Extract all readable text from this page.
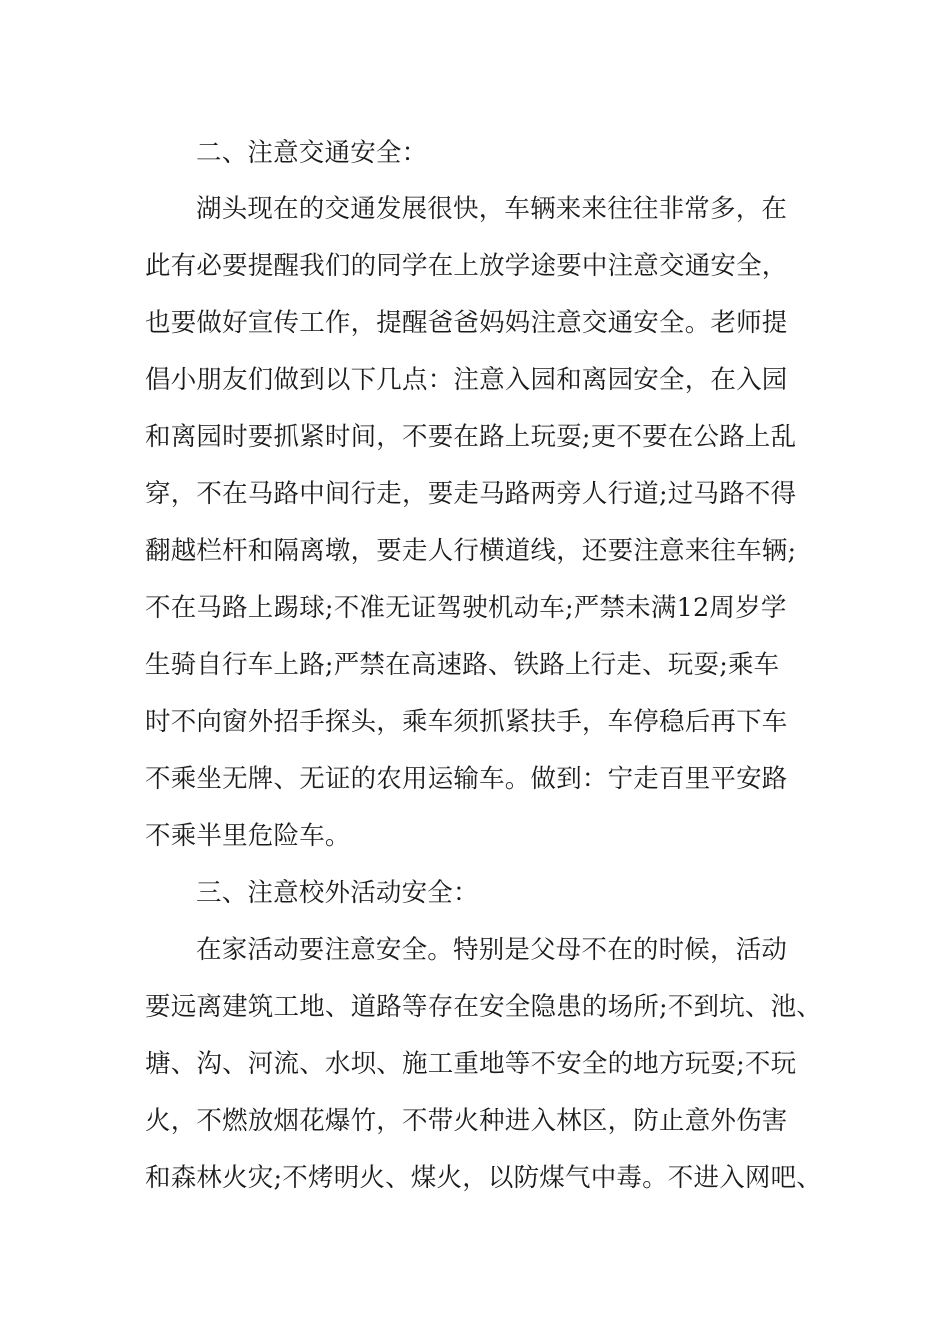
二、注意交通安全：
湖头现在的交通发展很快，车辆来来往往非常多，在
此有必要提醒我们的同学在上放学途要中注意交通安全，
也要做好宣传工作，提醒爸爸妈妈注意交通安全。老师提
倡小朋友们做到以下几点：注意入园和离园安全，在入园
和离园时要抓紧时间，不要在路上玩耍;更不要在公路上乱
穿，不在马路中间行走，要走马路两旁人行道;过马路不得
翻越栏杆和隔离墩，要走人行横道线，还要注意来往车辆;
不在马路上踢球;不准无证驾驶机动车;严禁未满12周岁学
生骑自行车上路;严禁在高速路、铁路上行走、玩耍;乘车
时不向窗外招手探头，乘车须抓紧扶手，车停稳后再下车
不乘坐无牌、无证的农用运输车。做到：宁走百里平安路
不乘半里危险车。
三、注意校外活动安全：
在家活动要注意安全。特别是父母不在的时候，活动
要远离建筑工地、道路等存在安全隐患的场所;不到坑、池、
塘、沟、河流、水坝、施工重地等不安全的地方玩耍;不玩
火，不燃放烟花爆竹，不带火种进入林区，防止意外伤害
和森林火灾;不烤明火、煤火，以防煤气中毒。不进入网吧、
